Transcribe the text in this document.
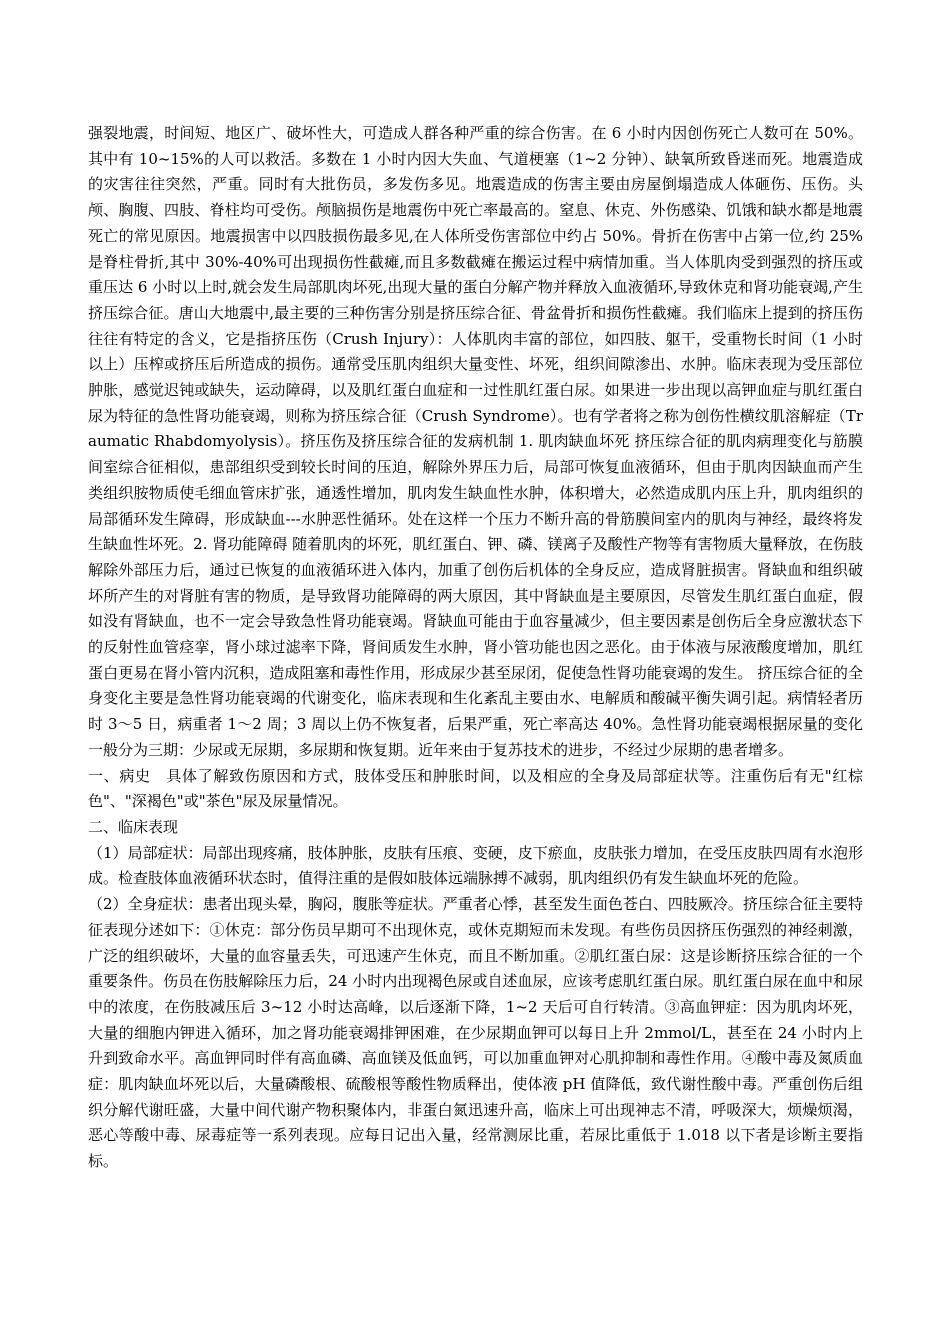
强裂地震，时间短、地区广、破坏性大，可造成人群各种严重的综合伤害。在 6 小时内因创伤死亡人数可在 50%。其中有 10~15%的人可以救活。多数在 1 小时内因大失血、气道梗塞（1~2 分钟）、缺氧所致昏迷而死。地震造成的灾害往往突然，严重。同时有大批伤员，多发伤多见。地震造成的伤害主要由房屋倒塌造成人体砸伤、压伤。头颅、胸腹、四肢、脊柱均可受伤。颅脑损伤是地震伤中死亡率最高的。窒息、休克、外伤感染、饥饿和缺水都是地震死亡的常见原因。地震损害中以四肢损伤最多见,在人体所受伤害部位中约占 50%。骨折在伤害中占第一位,约 25%是脊柱骨折,其中 30%-40%可出现损伤性截瘫,而且多数截瘫在搬运过程中病情加重。当人体肌肉受到强烈的挤压或重压达 6 小时以上时,就会发生局部肌肉坏死,出现大量的蛋白分解产物并释放入血液循环,导致休克和肾功能衰竭,产生挤压综合征。唐山大地震中,最主要的三种伤害分别是挤压综合征、骨盆骨折和损伤性截瘫。我们临床上提到的挤压伤往往有特定的含义，它是指挤压伤（Crush Injury）：人体肌肉丰富的部位，如四肢、躯干，受重物长时间（1 小时以上）压榨或挤压后所造成的损伤。通常受压肌肉组织大量变性、坏死，组织间隙渗出、水肿。临床表现为受压部位肿胀，感觉迟钝或缺失，运动障碍，以及肌红蛋白血症和一过性肌红蛋白尿。如果进一步出现以高钾血症与肌红蛋白尿为特征的急性肾功能衰竭，则称为挤压综合征（Crush Syndrome）。也有学者将之称为创伤性横纹肌溶解症（Traumatic Rhabdomyolysis）。挤压伤及挤压综合征的发病机制 1. 肌肉缺血坏死 挤压综合征的肌肉病理变化与筋膜间室综合征相似，患部组织受到较长时间的压迫，解除外界压力后，局部可恢复血液循环，但由于肌肉因缺血而产生类组织胺物质使毛细血管床扩张，通透性增加，肌肉发生缺血性水肿，体积增大，必然造成肌内压上升，肌肉组织的局部循环发生障碍，形成缺血---水肿恶性循环。处在这样一个压力不断升高的骨筋膜间室内的肌肉与神经，最终将发生缺血性坏死。2. 肾功能障碍 随着肌肉的坏死，肌红蛋白、钾、磷、镁离子及酸性产物等有害物质大量释放，在伤肢解除外部压力后，通过已恢复的血液循环进入体内，加重了创伤后机体的全身反应，造成肾脏损害。肾缺血和组织破坏所产生的对肾脏有害的物质，是导致肾功能障碍的两大原因，其中肾缺血是主要原因，尽管发生肌红蛋白血症，假如没有肾缺血，也不一定会导致急性肾功能衰竭。肾缺血可能由于血容量减少，但主要因素是创伤后全身应激状态下的反射性血管痉挛，肾小球过滤率下降，肾间质发生水肿，肾小管功能也因之恶化。由于体液与尿液酸度增加，肌红蛋白更易在肾小管内沉积，造成阻塞和毒性作用，形成尿少甚至尿闭，促使急性肾功能衰竭的发生。 挤压综合征的全身变化主要是急性肾功能衰竭的代谢变化，临床表现和生化紊乱主要由水、电解质和酸碱平衡失调引起。病情轻者历时 3～5 日，病重者 1～2 周；3 周以上仍不恢复者，后果严重，死亡率高达 40%。急性肾功能衰竭根据尿量的变化一般分为三期：少尿或无尿期，多尿期和恢复期。近年来由于复苏技术的进步，不经过少尿期的患者增多。

一、病史　具体了解致伤原因和方式，肢体受压和肿胀时间，以及相应的全身及局部症状等。注重伤后有无"红棕色"、"深褐色"或"茶色"尿及尿量情况。

二、临床表现

（1）局部症状：局部出现疼痛，肢体肿胀，皮肤有压痕、变硬，皮下瘀血，皮肤张力增加，在受压皮肤四周有水泡形成。检查肢体血液循环状态时，值得注重的是假如肢体远端脉搏不减弱，肌肉组织仍有发生缺血坏死的危险。

（2）全身症状：患者出现头晕，胸闷，腹胀等症状。严重者心悸，甚至发生面色苍白、四肢厥冷。挤压综合征主要特征表现分述如下：①休克：部分伤员早期可不出现休克，或休克期短而未发现。有些伤员因挤压伤强烈的神经刺激，广泛的组织破坏，大量的血容量丢失，可迅速产生休克，而且不断加重。②肌红蛋白尿：这是诊断挤压综合征的一个重要条件。伤员在伤肢解除压力后，24 小时内出现褐色尿或自述血尿，应该考虑肌红蛋白尿。肌红蛋白尿在血中和尿中的浓度，在伤肢减压后 3~12 小时达高峰，以后逐渐下降，1~2 天后可自行转清。③高血钾症：因为肌肉坏死，大量的细胞内钾进入循环，加之肾功能衰竭排钾困难，在少尿期血钾可以每日上升 2mmol/L，甚至在 24 小时内上升到致命水平。高血钾同时伴有高血磷、高血镁及低血钙，可以加重血钾对心肌抑制和毒性作用。④酸中毒及氮质血症：肌肉缺血坏死以后，大量磷酸根、硫酸根等酸性物质释出，使体液 pH 值降低，致代谢性酸中毒。严重创伤后组织分解代谢旺盛，大量中间代谢产物积聚体内，非蛋白氮迅速升高，临床上可出现神志不清，呼吸深大，烦燥烦渴，恶心等酸中毒、尿毒症等一系列表现。应每日记出入量，经常测尿比重，若尿比重低于 1.018 以下者是诊断主要指标。
